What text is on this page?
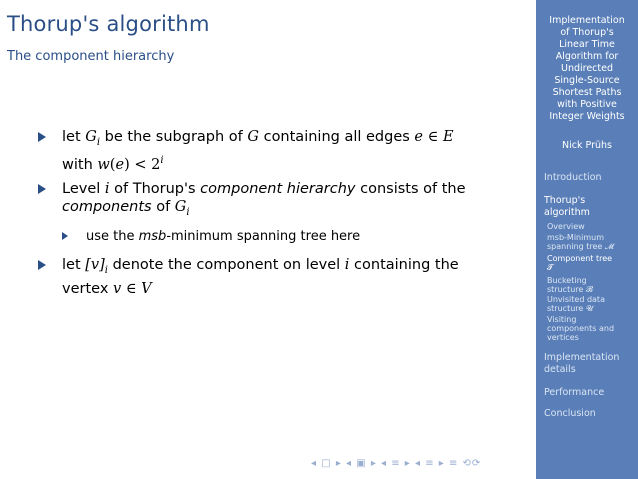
Thorup's algorithm
The component hierarchy
let $G_i$ be the subgraph of G containing all edges e ∈ E
with $w(e) < 2^i$
Level i of Thorup's component hierarchy consists of the
components of $G_i$
use the msb-minimum spanning tree here
let $[v]_i$ denote the component on level i containing the
vertex v ∈ V
◂ □ ▸ ◂ ▣ ▸ ◂ ≡ ▸ ◂ ≡ ▸ ≡ ⟲⟳
Implementation
of Thorup's
Linear Time
Algorithm for
Undirected
Single-Source
Shortest Paths
with Positive
Integer Weights
Nick Prühs
Introduction
Thorup's
algorithm
Overview
msb-Minimum
spanning tree 𝓜
Component tree
𝓣
Bucketing
structure 𝓑
Unvisited data
structure 𝓤
Visiting
components and
vertices
Implementation
details
Performance
Conclusion
